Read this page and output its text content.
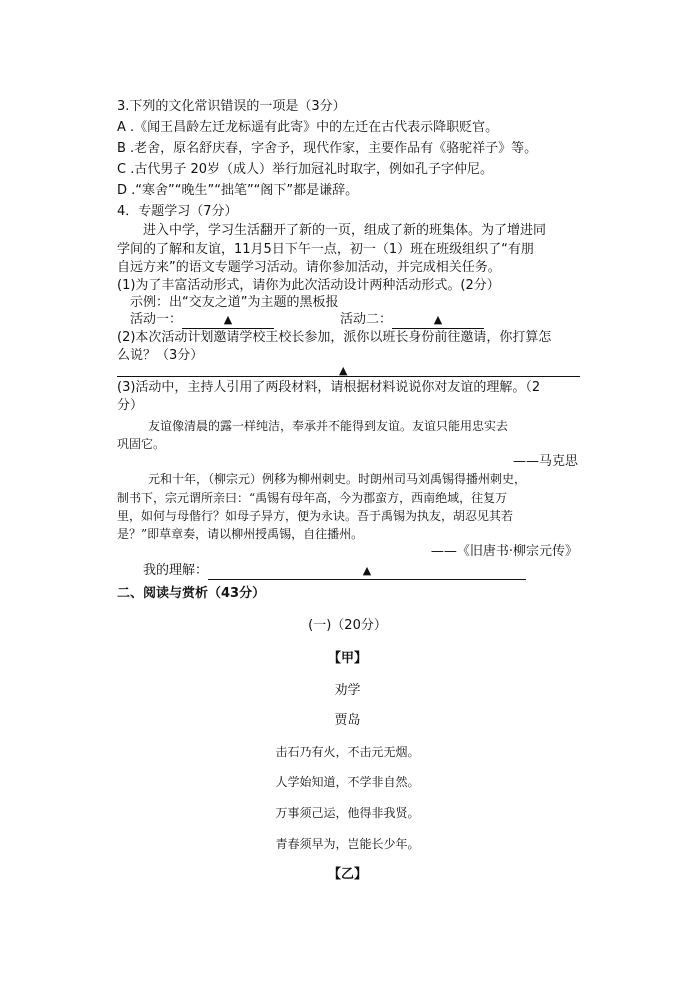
3.下列的文化常识错误的一项是（3分）
A .《闻王昌龄左迁龙标遥有此寄》中的左迁在古代表示降职贬官。
B .老舍，原名舒庆春，字舍予，现代作家，主要作品有《骆驼祥子》等。
C .古代男子 20岁（成人）举行加冠礼时取字，例如孔子字仲尼。
D .“寒舍”“晚生”“拙笔”“阁下”都是谦辞。
4．专题学习（7分）
进入中学，学习生活翻开了新的一页，组成了新的班集体。为了增进同
学间的了解和友谊，11月5日下午一点，初一（1）班在班级组织了“有朋
自远方来”的语文专题学习活动。请你参加活动，并完成相关任务。
(1)为了丰富活动形式，请你为此次活动设计两种活动形式。(2分）
示例：出“交友之道”为主题的黑板报
活动一：	▲	活动二：	▲
(2)本次活动计划邀请学校王校长参加，派你以班长身份前往邀请，你打算怎
么说？（3分）
▲
(3)活动中，主持人引用了两段材料，请根据材料说说你对友谊的理解。（2
分）
友谊像清晨的露一样纯洁，奉承并不能得到友谊。友谊只能用忠实去
巩固它。
——马克思
元和十年，（柳宗元）例移为柳州刺史。时朗州司马刘禹锡得播州刺史，
制书下，宗元谓所亲曰：“禹锡有母年高，今为郡蛮方，西南绝域，往复万
里，如何与母偕行？如母子异方，便为永诀。吾于禹锡为执友，胡忍见其若
是？”即草章奏，请以柳州授禹锡，自往播州。
——《旧唐书·柳宗元传》
我的理解：	▲
二、阅读与赏析（43分）
(一)（20分）
【甲】
劝学
贾岛
击石乃有火，不击元无烟。
人学始知道，不学非自然。
万事须己运，他得非我贤。
青春须早为，岂能长少年。
【乙】
